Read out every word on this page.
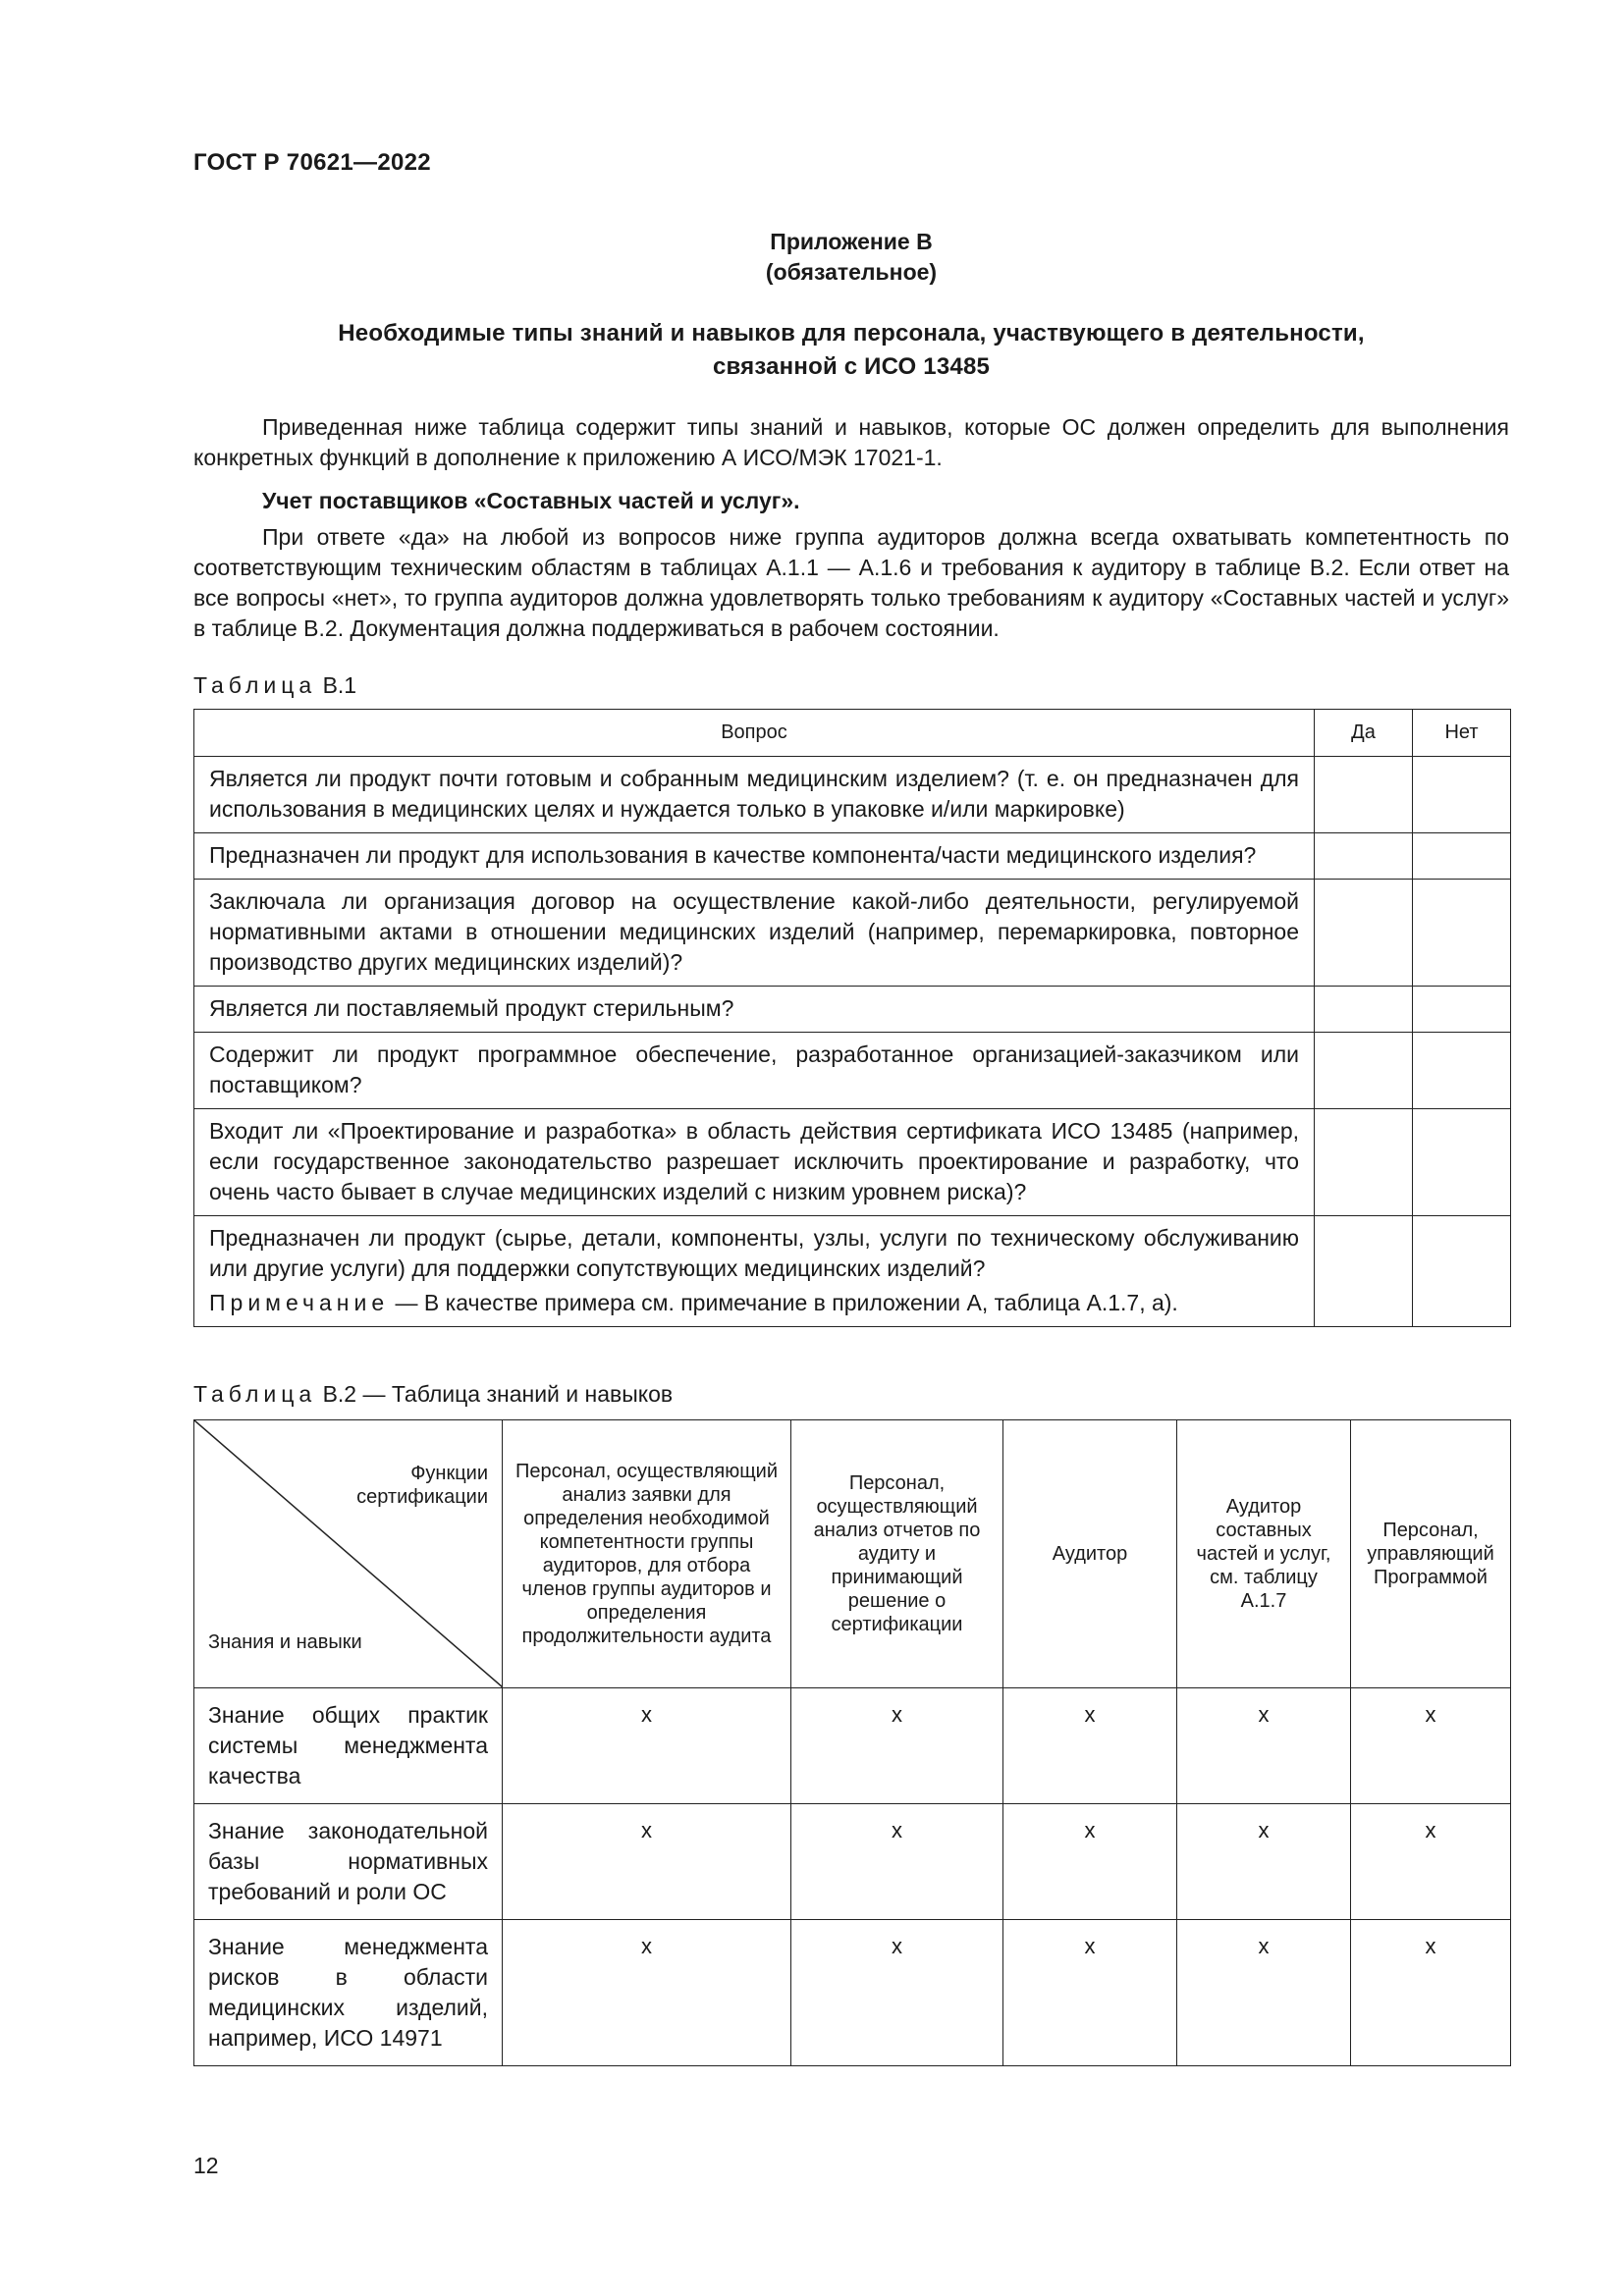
ГОСТ Р 70621—2022
Приложение В
(обязательное)
Необходимые типы знаний и навыков для персонала, участвующего в деятельности,
связанной с ИСО 13485

Приведенная ниже таблица содержит типы знаний и навыков, которые ОС должен определить для выполнения конкретных функций в дополнение к приложению А ИСО/МЭК 17021-1.

Учет поставщиков «Составных частей и услуг».

При ответе «да» на любой из вопросов ниже группа аудиторов должна всегда охватывать компетентность по соответствующим техническим областям в таблицах А.1.1 — А.1.6 и требования к аудитору в таблице В.2. Если ответ на все вопросы «нет», то группа аудиторов должна удовлетворять только требованиям к аудитору «Составных частей и услуг» в таблице В.2. Документация должна поддерживаться в рабочем состоянии.

Таблица В.1
Вопрос	Да	Нет
Является ли продукт почти готовым и собранным медицинским изделием? (т. е. он предназначен для использования в медицинских целях и нуждается только в упаковке и/или маркировке)		
Предназначен ли продукт для использования в качестве компонента/части медицинского изделия?		
Заключала ли организация договор на осуществление какой-либо деятельности, регулируемой нормативными актами в отношении медицинских изделий (например, перемаркировка, повторное производство других медицинских изделий)?		
Является ли поставляемый продукт стерильным?		
Содержит ли продукт программное обеспечение, разработанное организацией-заказчиком или поставщиком?		
Входит ли «Проектирование и разработка» в область действия сертификата ИСО 13485 (например, если государственное законодательство разрешает исключить проектирование и разработку, что очень часто бывает в случае медицинских изделий с низким уровнем риска)?		

Предназначен ли продукт (сырье, детали, компоненты, узлы, услуги по техническому обслуживанию или другие услуги) для поддержки сопутствующих медицинских изделий?
Примечание — В качестве примера см. примечание в приложении А, таблица А.1.7, а).		

Таблица В.2 — Таблица знаний и навыков
Функции сертификации
Знания и навыки	Персонал, осуществляющий анализ заявки для определения необходимой компетентности группы аудиторов, для отбора членов группы аудиторов и определения продолжительности аудита	Персонал, осуществляющий анализ отчетов по аудиту и принимающий решение о сертификации	Аудитор	Аудитор составных частей и услуг, см. таблицу А.1.7	Персонал, управляющий Программой
Знание общих практик системы менеджмента качества	x	x	x	x	x
Знание законодательной базы нормативных требований и роли ОС	x	x	x	x	x
Знание менеджмента рисков в области медицинских изделий, например, ИСО 14971	x	x	x	x	x
12
